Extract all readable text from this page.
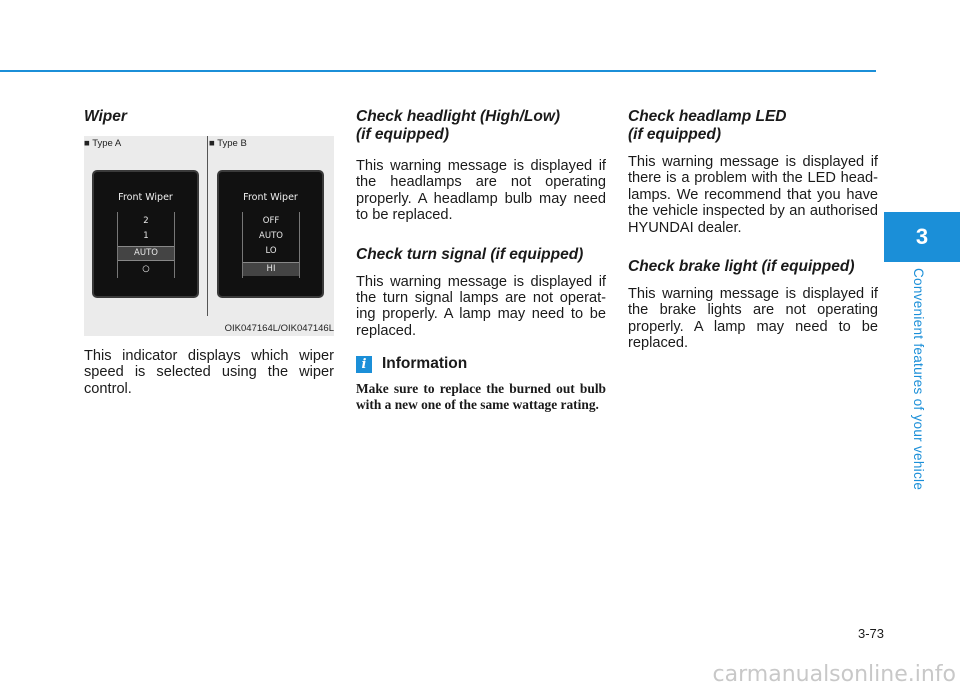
Wiper
■ Type A	■ Type B
Front Wiper
2
1
AUTO
○
Front Wiper
OFF
AUTO
LO
HI
OIK047164L/OIK047146L

This indicator displays which wiper speed is selected using the wiper control.

Check headlight (High/Low)
(if equipped)

This warning message is displayed if the headlamps are not operating properly. A headlamp bulb may need to be replaced.

Check turn signal (if equipped)

This warning message is displayed if the turn signal lamps are not operat-ing properly. A lamp may need to be replaced.

i	Information

Make sure to replace the burned out bulb with a new one of the same wattage rating.

Check headlamp LED
(if equipped)

This warning message is displayed if there is a problem with the LED head-lamps. We recommend that you have the vehicle inspected by an authorised HYUNDAI dealer.

Check brake light (if equipped)

This warning message is displayed if the brake lights are not operating properly. A lamp may need to be replaced.

3
Convenient features of your vehicle
3-73
carmanualsonline.info
